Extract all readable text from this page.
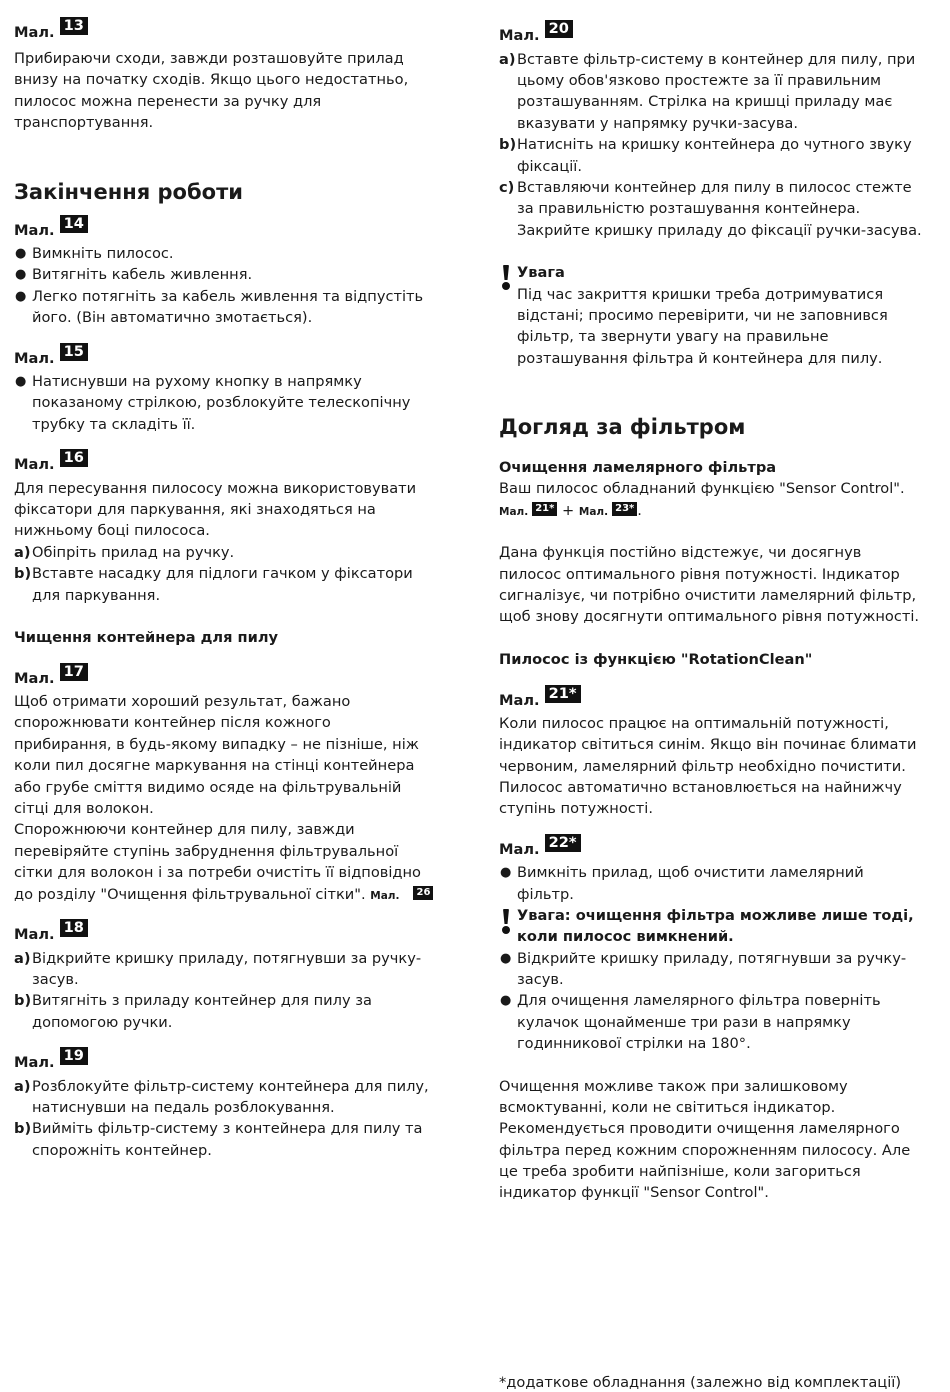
Мал. 13
Прибираючи сходи, завжди розташовуйте прилад
внизу на початку сходів. Якщо цього недостатньо,
пилосос можна перенести за ручку для
транспортування.
Закінчення роботи
Мал. 14
● Вимкніть пилосос.
● Витягніть кабель живлення.
● Легко потягніть за кабель живлення та відпустіть
його. (Він автоматично змотається).
Мал. 15
● Натиснувши на рухому кнопку в напрямку
показаному стрілкою, розблокуйте телескопічну
трубку та складіть її.
Мал. 16
Для пересування пилососу можна використовувати
фіксатори для паркування, які знаходяться на
нижньому боці пилососа.
a) Обіпріть прилад на ручку.
b) Вставте насадку для підлоги гачком у фіксатори
для паркування.
Чищення контейнера для пилу
Мал. 17
Щоб отримати хороший результат, бажано
спорожнювати контейнер після кожного
прибирання, в будь-якому випадку – не пізніше, ніж
коли пил досягне маркування на стінці контейнера
або грубе сміття видимо осяде на фільтрувальній
сітці для волокон.
Спорожнюючи контейнер для пилу, завжди
перевіряйте ступінь забруднення фільтрувальної
сітки для волокон і за потреби очистіть її відповідно
до розділу "Очищення фільтрувальної сітки". Мал. 26
Мал. 18
a) Відкрийте кришку приладу, потягнувши за ручку-
засув.
b) Витягніть з приладу контейнер для пилу за
допомогою ручки.
Мал. 19
a) Розблокуйте фільтр-систему контейнера для пилу,
натиснувши на педаль розблокування.
b) Вийміть фільтр-систему з контейнера для пилу та
спорожніть контейнер.
Мал. 20
a) Вставте фільтр-систему в контейнер для пилу, при
цьому обов'язково простежте за її правильним
розташуванням. Стрілка на кришці приладу має
вказувати у напрямку ручки-засува.
b) Натисніть на кришку контейнера до чутного звуку
фіксації.
c) Вставляючи контейнер для пилу в пилосос стежте
за правильністю розташування контейнера.
Закрийте кришку приладу до фіксації ручки-засува.
Увага
Під час закриття кришки треба дотримуватися
відстані; просимо перевірити, чи не заповнився
фільтр, та звернути увагу на правильне
розташування фільтра й контейнера для пилу.
Догляд за фільтром
Очищення ламелярного фільтра
Ваш пилосос обладнаний функцією "Sensor Control".
Мал. 21* + Мал. 23* .
Дана функція постійно відстежує, чи досягнув
пилосос оптимального рівня потужності. Індикатор
сигналізує, чи потрібно очистити ламелярний фільтр,
щоб знову досягнути оптимального рівня потужності.
Пилосос із функцією "RotationClean"
Мал. 21*
Коли пилосос працює на оптимальній потужності,
індикатор світиться синім. Якщо він починає блимати
червоним, ламелярний фільтр необхідно почистити.
Пилосос автоматично встановлюється на найнижчу
ступінь потужності.
Мал. 22*
● Вимкніть прилад, щоб очистити ламелярний
фільтр.
Увага: очищення фільтра можливе лише тоді,
коли пилосос вимкнений.
● Відкрийте кришку приладу, потягнувши за ручку-
засув.
● Для очищення ламелярного фільтра поверніть
кулачок щонайменше три рази в напрямку
годинникової стрілки на 180°.
Очищення можливе також при залишковому
всмоктуванні, коли не світиться індикатор.
Рекомендується проводити очищення ламелярного
фільтра перед кожним спорожненням пилососу. Але
це треба зробити найпізніше, коли загориться
індикатор функції "Sensor Control".
*додаткове обладнання (залежно від комплектації)
